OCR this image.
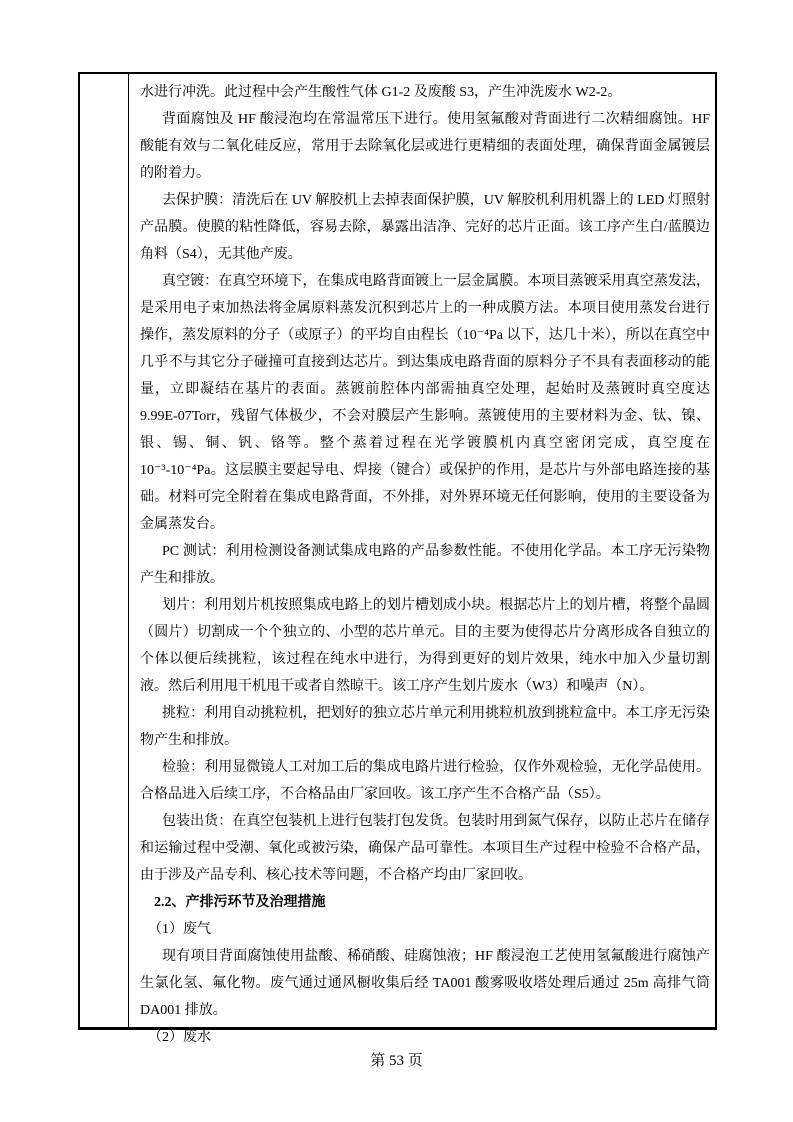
水进行冲洗。此过程中会产生酸性气体 G1-2 及废酸 S3，产生冲洗废水 W2-2。

背面腐蚀及 HF 酸浸泡均在常温常压下进行。使用氢氟酸对背面进行二次精细腐蚀。HF 酸能有效与二氧化硅反应，常用于去除氧化层或进行更精细的表面处理，确保背面金属镀层的附着力。

去保护膜：清洗后在 UV 解胶机上去掉表面保护膜，UV 解胶机利用机器上的 LED 灯照射产品膜。使膜的粘性降低，容易去除，暴露出洁净、完好的芯片正面。该工序产生白/蓝膜边角料（S4），无其他产废。

真空镀：在真空环境下，在集成电路背面镀上一层金属膜。本项目蒸镀采用真空蒸发法，是采用电子束加热法将金属原料蒸发沉积到芯片上的一种成膜方法。本项目使用蒸发台进行操作，蒸发原料的分子（或原子）的平均自由程长（10⁻⁴Pa 以下，达几十米），所以在真空中几乎不与其它分子碰撞可直接到达芯片。到达集成电路背面的原料分子不具有表面移动的能量，立即凝结在基片的表面。蒸镀前腔体内部需抽真空处理，起始时及蒸镀时真空度达 9.99E-07Torr，残留气体极少，不会对膜层产生影响。蒸镀使用的主要材料为金、钛、镍、银、锡、铜、钒、铬等。整个蒸着过程在光学镀膜机内真空密闭完成，真空度在 10⁻³-10⁻⁴Pa。这层膜主要起导电、焊接（键合）或保护的作用，是芯片与外部电路连接的基础。材料可完全附着在集成电路背面，不外排，对外界环境无任何影响，使用的主要设备为金属蒸发台。

PC 测试：利用检测设备测试集成电路的产品参数性能。不使用化学品。本工序无污染物产生和排放。

划片：利用划片机按照集成电路上的划片槽划成小块。根据芯片上的划片槽，将整个晶圆（圆片）切割成一个个独立的、小型的芯片单元。目的主要为使得芯片分离形成各自独立的个体以便后续挑粒，该过程在纯水中进行，为得到更好的划片效果，纯水中加入少量切割液。然后利用甩干机甩干或者自然晾干。该工序产生划片废水（W3）和噪声（N）。

挑粒：利用自动挑粒机，把划好的独立芯片单元利用挑粒机放到挑粒盒中。本工序无污染物产生和排放。

检验：利用显微镜人工对加工后的集成电路片进行检验，仅作外观检验，无化学品使用。合格品进入后续工序，不合格品由厂家回收。该工序产生不合格产品（S5）。

包装出货：在真空包装机上进行包装打包发货。包装时用到氮气保存，以防止芯片在储存和运输过程中受潮、氧化或被污染，确保产品可靠性。本项目生产过程中检验不合格产品，由于涉及产品专利、核心技术等问题，不合格产均由厂家回收。

2.2、产排污环节及治理措施

（1）废气

现有项目背面腐蚀使用盐酸、稀硝酸、硅腐蚀液；HF 酸浸泡工艺使用氢氟酸进行腐蚀产生氯化氢、氟化物。废气通过通风橱收集后经 TA001 酸雾吸收塔处理后通过 25m 高排气筒 DA001 排放。

（2）废水

第 53 页
